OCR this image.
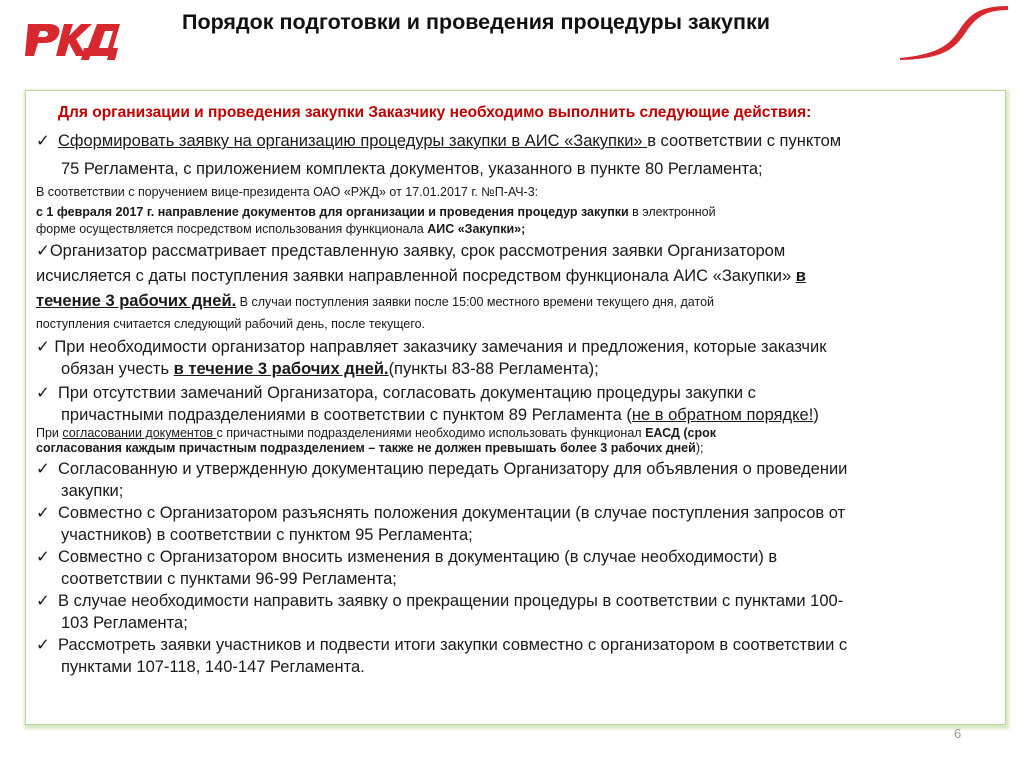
Порядок подготовки и проведения процедуры закупки
Для организации и проведения закупки Заказчику необходимо выполнить следующие действия:
✓ Сформировать заявку на организацию процедуры закупки в АИС «Закупки» в соответствии с пунктом
75 Регламента, с приложением комплекта документов, указанного в пункте 80 Регламента;
В соответствии с поручением вице-президента ОАО «РЖД» от 17.01.2017 г. №П-АЧ-3:
с 1 февраля 2017 г. направление документов для организации и проведения процедур закупки в электронной
форме осуществляется посредством использования функционала АИС «Закупки»;
✓Организатор рассматривает представленную заявку, срок рассмотрения заявки Организатором
исчисляется с даты поступления заявки направленной посредством функционала АИС «Закупки» в
течение 3 рабочих дней. В случаи поступления заявки после 15:00 местного времени текущего дня, датой
поступления считается следующий рабочий день, после текущего.
✓ При необходимости организатор направляет заказчику замечания и предложения, которые заказчик
обязан учесть в течение 3 рабочих дней.(пункты 83-88 Регламента);
✓ При отсутствии замечаний Организатора, согласовать документацию процедуры закупки с
причастными подразделениями в соответствии с пунктом 89 Регламента (не в обратном порядке!)
При согласовании документов с причастными подразделениями необходимо использовать функционал ЕАСД (срок
согласования каждым причастным подразделением – также не должен превышать более 3 рабочих дней);
✓ Согласованную и утвержденную документацию передать Организатору для объявления о проведении
закупки;
✓ Совместно с Организатором разъяснять положения документации (в случае поступления запросов от
участников) в соответствии с пунктом 95 Регламента;
✓ Совместно с Организатором вносить изменения в документацию (в случае необходимости) в
соответствии с пунктами 96-99 Регламента;
✓ В случае необходимости направить заявку о прекращении процедуры в соответствии с пунктами 100-
103 Регламента;
✓ Рассмотреть заявки участников и подвести итоги закупки совместно с организатором в соответствии с
пунктами 107-118, 140-147 Регламента.
6
